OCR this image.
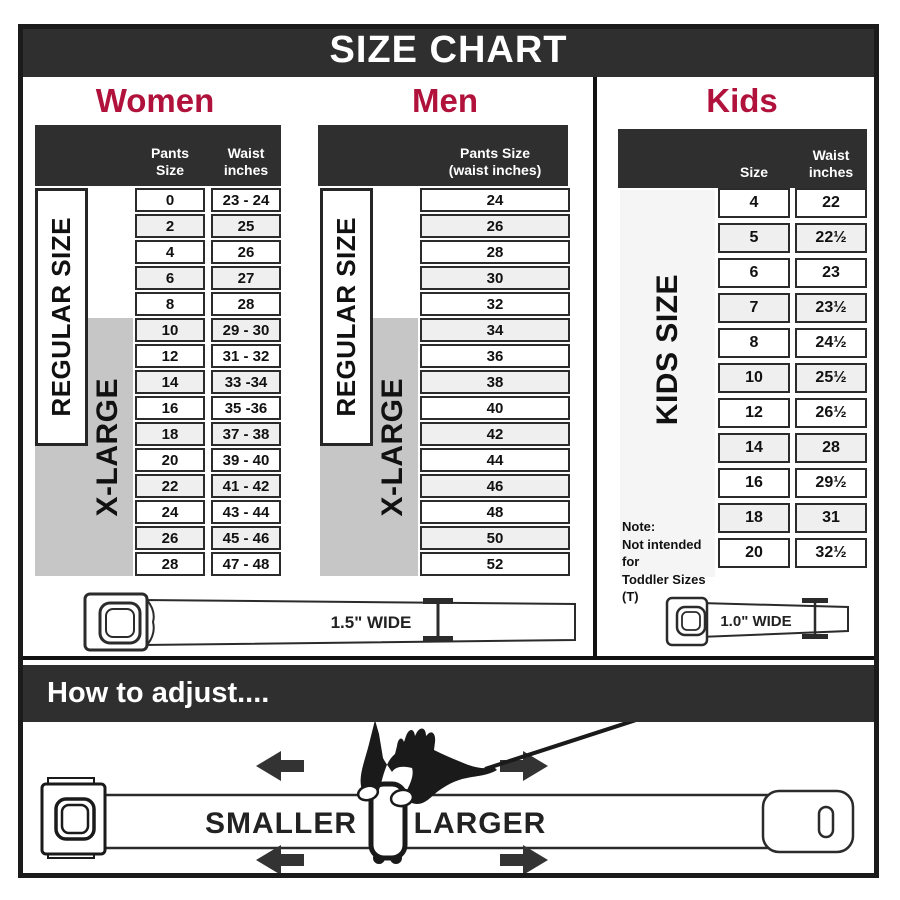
SIZE CHART
Women	Men	Kids
Pants Size
Waist
inches
REGULAR SIZE
X-LARGE
0	23 - 24
2	25
4	26
6	27
8	28
10	29 - 30
12	31 - 32
14	33 -34
16	35 -36
18	37 - 38
20	39 - 40
22	41 - 42
24	43 - 44
26	45 - 46
28	47 - 48
Pants Size
(waist inches)
REGULAR SIZE
X-LARGE
24
26
28
30
32
34
36
38
40
42
44
46
48
50
52
Size
Waist
inches
KIDS SIZE
Note:
Not intended for
Toddler Sizes (T)
4	22
5	22½
6	23
7	23½
8	24½
10	25½
12	26½
14	28
16	29½
18	31
20	32½
1.5" WIDE	1.0" WIDE
How to adjust....
SMALLER LARGER
